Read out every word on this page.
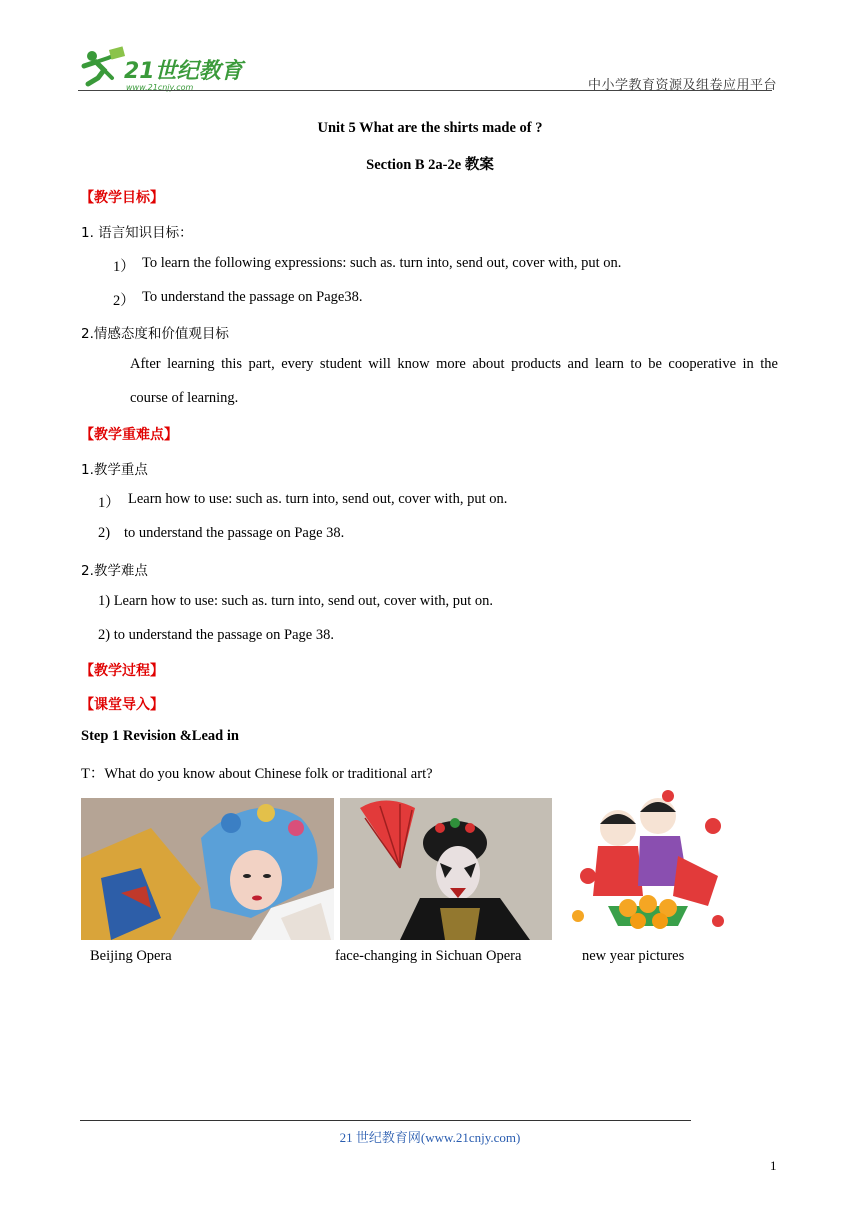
21世纪教育
www.21cnjy.com	中小学教育资源及组卷应用平台
Unit 5 What are the shirts made of ?
Section B 2a-2e 教案
【教学目标】
1. 语言知识目标：
1） To learn the following expressions: such as. turn into, send out, cover with, put on.
2） To understand the passage on Page38.
2.情感态度和价值观目标
After learning this part, every student will know more about products and learn to be cooperative in the
course of learning.
【教学重难点】
1.教学重点
1） Learn how to use: such as. turn into, send out, cover with, put on.
2) to understand the passage on Page 38.
2.教学难点
1) Learn how to use: such as. turn into, send out, cover with, put on.
2) to understand the passage on Page 38.
【教学过程】
【课堂导入】
Step 1 Revision &Lead in
T：What do you know about Chinese folk or traditional art?
Beijing Opera	face-changing in Sichuan Opera	new year pictures
21 世纪教育网(www.21cnjy.com)
1
